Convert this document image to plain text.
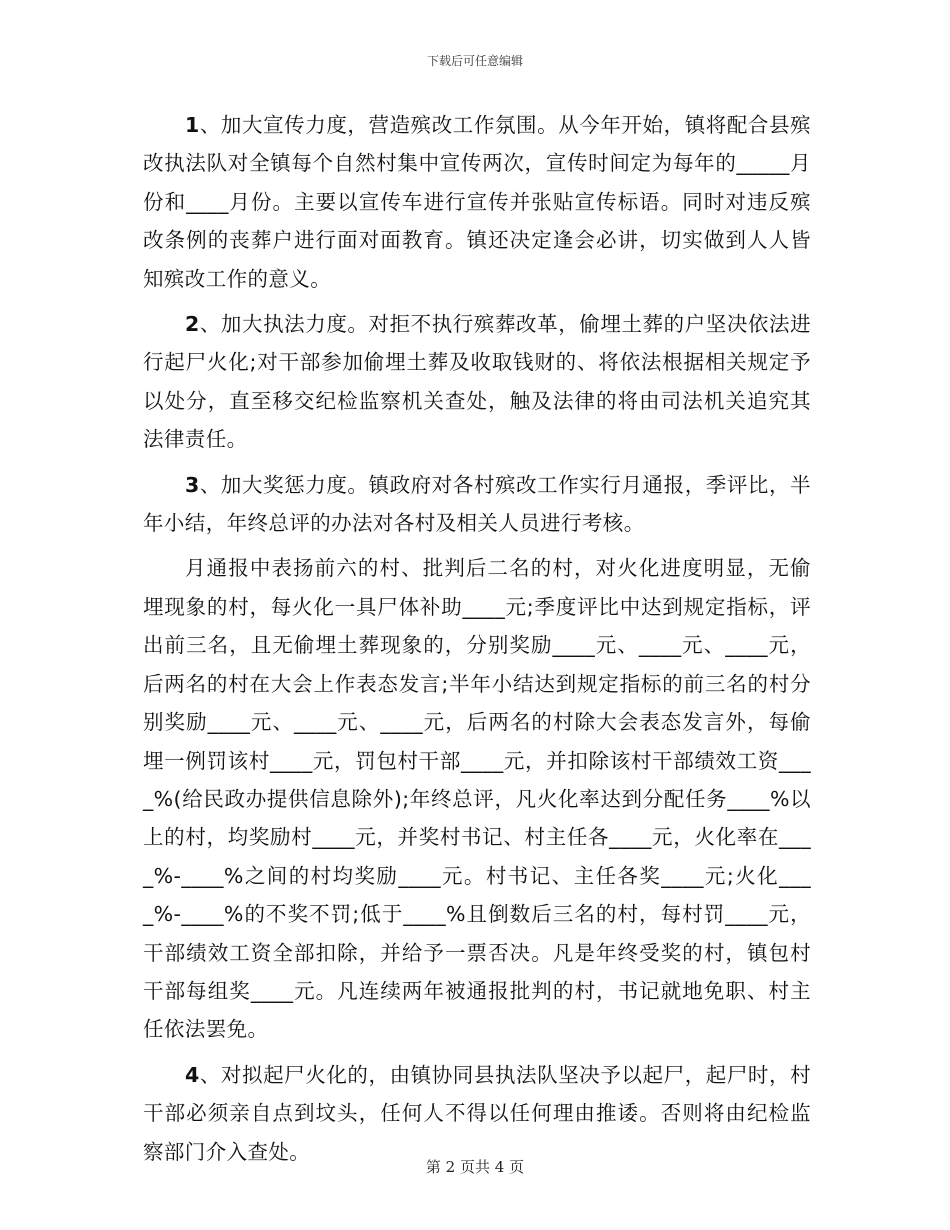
下载后可任意编辑

1、加大宣传力度，营造殡改工作氛围。从今年开始，镇将配合县殡改执法队对全镇每个自然村集中宣传两次，宣传时间定为每年的_____月份和____月份。主要以宣传车进行宣传并张贴宣传标语。同时对违反殡改条例的丧葬户进行面对面教育。镇还决定逢会必讲，切实做到人人皆知殡改工作的意义。

2、加大执法力度。对拒不执行殡葬改革，偷埋土葬的户坚决依法进行起尸火化;对干部参加偷埋土葬及收取钱财的、将依法根据相关规定予以处分，直至移交纪检监察机关查处，触及法律的将由司法机关追究其法律责任。

3、加大奖惩力度。镇政府对各村殡改工作实行月通报，季评比，半年小结，年终总评的办法对各村及相关人员进行考核。

月通报中表扬前六的村、批判后二名的村，对火化进度明显，无偷埋现象的村，每火化一具尸体补助____元;季度评比中达到规定指标，评出前三名，且无偷埋土葬现象的，分别奖励____元、____元、____元，后两名的村在大会上作表态发言;半年小结达到规定指标的前三名的村分别奖励____元、____元、____元，后两名的村除大会表态发言外，每偷埋一例罚该村____元，罚包村干部____元，并扣除该村干部绩效工资____%(给民政办提供信息除外);年终总评，凡火化率达到分配任务____%以上的村，均奖励村____元，并奖村书记、村主任各____元，火化率在____%-____%之间的村均奖励____元。村书记、主任各奖____元;火化____%-____%的不奖不罚;低于____%且倒数后三名的村，每村罚____元，干部绩效工资全部扣除，并给予一票否决。凡是年终受奖的村，镇包村干部每组奖____元。凡连续两年被通报批判的村，书记就地免职、村主任依法罢免。

4、对拟起尸火化的，由镇协同县执法队坚决予以起尸，起尸时，村干部必须亲自点到坟头，任何人不得以任何理由推诿。否则将由纪检监察部门介入查处。

第 2 页共 4 页
